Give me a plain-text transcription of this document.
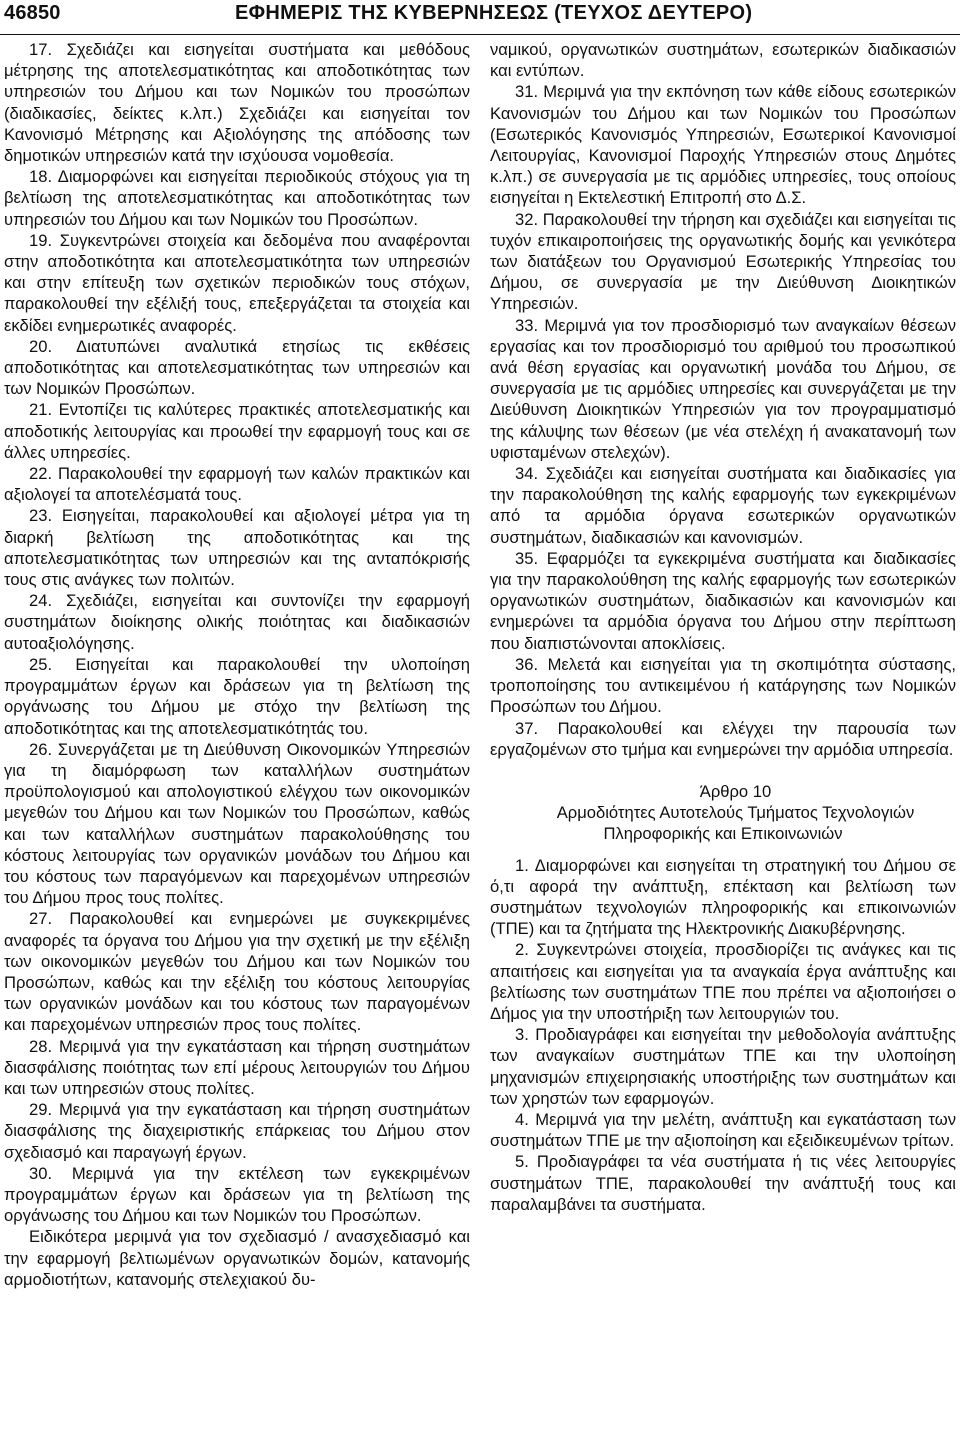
46850	ΕΦΗΜΕΡΙΣ ΤΗΣ ΚΥΒΕΡΝΗΣΕΩΣ (ΤΕΥΧΟΣ ΔΕΥΤΕΡΟ)

17. Σχεδιάζει και εισηγείται συστήματα και μεθόδους μέτρησης της αποτελεσματικότητας και αποδοτικότητας των υπηρεσιών του Δήμου και των Νομικών του προσώπων (διαδικασίες, δείκτες κ.λπ.) Σχεδιάζει και εισηγείται τον Κανονισμό Μέτρησης και Αξιολόγησης της απόδοσης των δημοτικών υπηρεσιών κατά την ισχύουσα νομοθεσία.

18. Διαμορφώνει και εισηγείται περιοδικούς στόχους για τη βελτίωση της αποτελεσματικότητας και αποδοτικότητας των υπηρεσιών του Δήμου και των Νομικών του Προσώπων.

19. Συγκεντρώνει στοιχεία και δεδομένα που αναφέρονται στην αποδοτικότητα και αποτελεσματικότητα των υπηρεσιών και στην επίτευξη των σχετικών περιοδικών τους στόχων, παρακολουθεί την εξέλιξή τους, επεξεργάζεται τα στοιχεία και εκδίδει ενημερωτικές αναφορές.

20. Διατυπώνει αναλυτικά ετησίως τις εκθέσεις αποδοτικότητας και αποτελεσματικότητας των υπηρεσιών και των Νομικών Προσώπων.

21. Εντοπίζει τις καλύτερες πρακτικές αποτελεσματικής και αποδοτικής λειτουργίας και προωθεί την εφαρμογή τους και σε άλλες υπηρεσίες.

22. Παρακολουθεί την εφαρμογή των καλών πρακτικών και αξιολογεί τα αποτελέσματά τους.

23. Εισηγείται, παρακολουθεί και αξιολογεί μέτρα για τη διαρκή βελτίωση της αποδοτικότητας και της αποτελεσματικότητας των υπηρεσιών και της ανταπόκρισής τους στις ανάγκες των πολιτών.

24. Σχεδιάζει, εισηγείται και συντονίζει την εφαρμογή συστημάτων διοίκησης ολικής ποιότητας και διαδικασιών αυτοαξιολόγησης.

25. Εισηγείται και παρακολουθεί την υλοποίηση προγραμμάτων έργων και δράσεων για τη βελτίωση της οργάνωσης του Δήμου με στόχο την βελτίωση της αποδοτικότητας και της αποτελεσματικότητάς του.

26. Συνεργάζεται με τη Διεύθυνση Οικονομικών Υπηρεσιών για τη διαμόρφωση των καταλλήλων συστημάτων προϋπολογισμού και απολογιστικού ελέγχου των οικονομικών μεγεθών του Δήμου και των Νομικών του Προσώπων, καθώς και των καταλλήλων συστημάτων παρακολούθησης του κόστους λειτουργίας των οργανικών μονάδων του Δήμου και του κόστους των παραγόμενων και παρεχομένων υπηρεσιών του Δήμου προς τους πολίτες.

27. Παρακολουθεί και ενημερώνει με συγκεκριμένες αναφορές τα όργανα του Δήμου για την σχετική με την εξέλιξη των οικονομικών μεγεθών του Δήμου και των Νομικών του Προσώπων, καθώς και την εξέλιξη του κόστους λειτουργίας των οργανικών μονάδων και του κόστους των παραγομένων και παρεχομένων υπηρεσιών προς τους πολίτες.

28. Μεριμνά για την εγκατάσταση και τήρηση συστημάτων διασφάλισης ποιότητας των επί μέρους λειτουργιών του Δήμου και των υπηρεσιών στους πολίτες.

29. Μεριμνά για την εγκατάσταση και τήρηση συστημάτων διασφάλισης της διαχειριστικής επάρκειας του Δήμου στον σχεδιασμό και παραγωγή έργων.

30. Μεριμνά για την εκτέλεση των εγκεκριμένων προγραμμάτων έργων και δράσεων για τη βελτίωση της οργάνωσης του Δήμου και των Νομικών του Προσώπων.

Ειδικότερα μεριμνά για τον σχεδιασμό / ανασχεδιασμό και την εφαρμογή βελτιωμένων οργανωτικών δομών, κατανομής αρμοδιοτήτων, κατανομής στελεχιακού δυ-

ναμικού, οργανωτικών συστημάτων, εσωτερικών διαδικασιών και εντύπων.

31. Μεριμνά για την εκπόνηση των κάθε είδους εσωτερικών Κανονισμών του Δήμου και των Νομικών του Προσώπων (Εσωτερικός Κανονισμός Υπηρεσιών, Εσωτερικοί Κανονισμοί Λειτουργίας, Κανονισμοί Παροχής Υπηρεσιών στους Δημότες κ.λπ.) σε συνεργασία με τις αρμόδιες υπηρεσίες, τους οποίους εισηγείται η Εκτελεστική Επιτροπή στο Δ.Σ.

32. Παρακολουθεί την τήρηση και σχεδιάζει και εισηγείται τις τυχόν επικαιροποιήσεις της οργανωτικής δομής και γενικότερα των διατάξεων του Οργανισμού Εσωτερικής Υπηρεσίας του Δήμου, σε συνεργασία με την Διεύθυνση Διοικητικών Υπηρεσιών.

33. Μεριμνά για τον προσδιορισμό των αναγκαίων θέσεων εργασίας και τον προσδιορισμό του αριθμού του προσωπικού ανά θέση εργασίας και οργανωτική μονάδα του Δήμου, σε συνεργασία με τις αρμόδιες υπηρεσίες και συνεργάζεται με την Διεύθυνση Διοικητικών Υπηρεσιών για τον προγραμματισμό της κάλυψης των θέσεων (με νέα στελέχη ή ανακατανομή των υφισταμένων στελεχών).

34. Σχεδιάζει και εισηγείται συστήματα και διαδικασίες για την παρακολούθηση της καλής εφαρμογής των εγκεκριμένων από τα αρμόδια όργανα εσωτερικών οργανωτικών συστημάτων, διαδικασιών και κανονισμών.

35. Εφαρμόζει τα εγκεκριμένα συστήματα και διαδικασίες για την παρακολούθηση της καλής εφαρμογής των εσωτερικών οργανωτικών συστημάτων, διαδικασιών και κανονισμών και ενημερώνει τα αρμόδια όργανα του Δήμου στην περίπτωση που διαπιστώνονται αποκλίσεις.

36. Μελετά και εισηγείται για τη σκοπιμότητα σύστασης, τροποποίησης του αντικειμένου ή κατάργησης των Νομικών Προσώπων του Δήμου.

37. Παρακολουθεί και ελέγχει την παρουσία των εργαζομένων στο τμήμα και ενημερώνει την αρμόδια υπηρεσία.

Άρθρο 10

Αρμοδιότητες Αυτοτελούς Τμήματος Τεχνολογιών Πληροφορικής και Επικοινωνιών

1. Διαμορφώνει και εισηγείται τη στρατηγική του Δήμου σε ό,τι αφορά την ανάπτυξη, επέκταση και βελτίωση των συστημάτων τεχνολογιών πληροφορικής και επικοινωνιών (ΤΠΕ) και τα ζητήματα της Ηλεκτρονικής Διακυβέρνησης.

2. Συγκεντρώνει στοιχεία, προσδιορίζει τις ανάγκες και τις απαιτήσεις και εισηγείται για τα αναγκαία έργα ανάπτυξης και βελτίωσης των συστημάτων ΤΠΕ που πρέπει να αξιοποιήσει ο Δήμος για την υποστήριξη των λειτουργιών του.

3. Προδιαγράφει και εισηγείται την μεθοδολογία ανάπτυξης των αναγκαίων συστημάτων ΤΠΕ και την υλοποίηση μηχανισμών επιχειρησιακής υποστήριξης των συστημάτων και των χρηστών των εφαρμογών.

4. Μεριμνά για την μελέτη, ανάπτυξη και εγκατάσταση των συστημάτων ΤΠΕ με την αξιοποίηση και εξειδικευμένων τρίτων.

5. Προδιαγράφει τα νέα συστήματα ή τις νέες λειτουργίες συστημάτων ΤΠΕ, παρακολουθεί την ανάπτυξή τους και παραλαμβάνει τα συστήματα.
